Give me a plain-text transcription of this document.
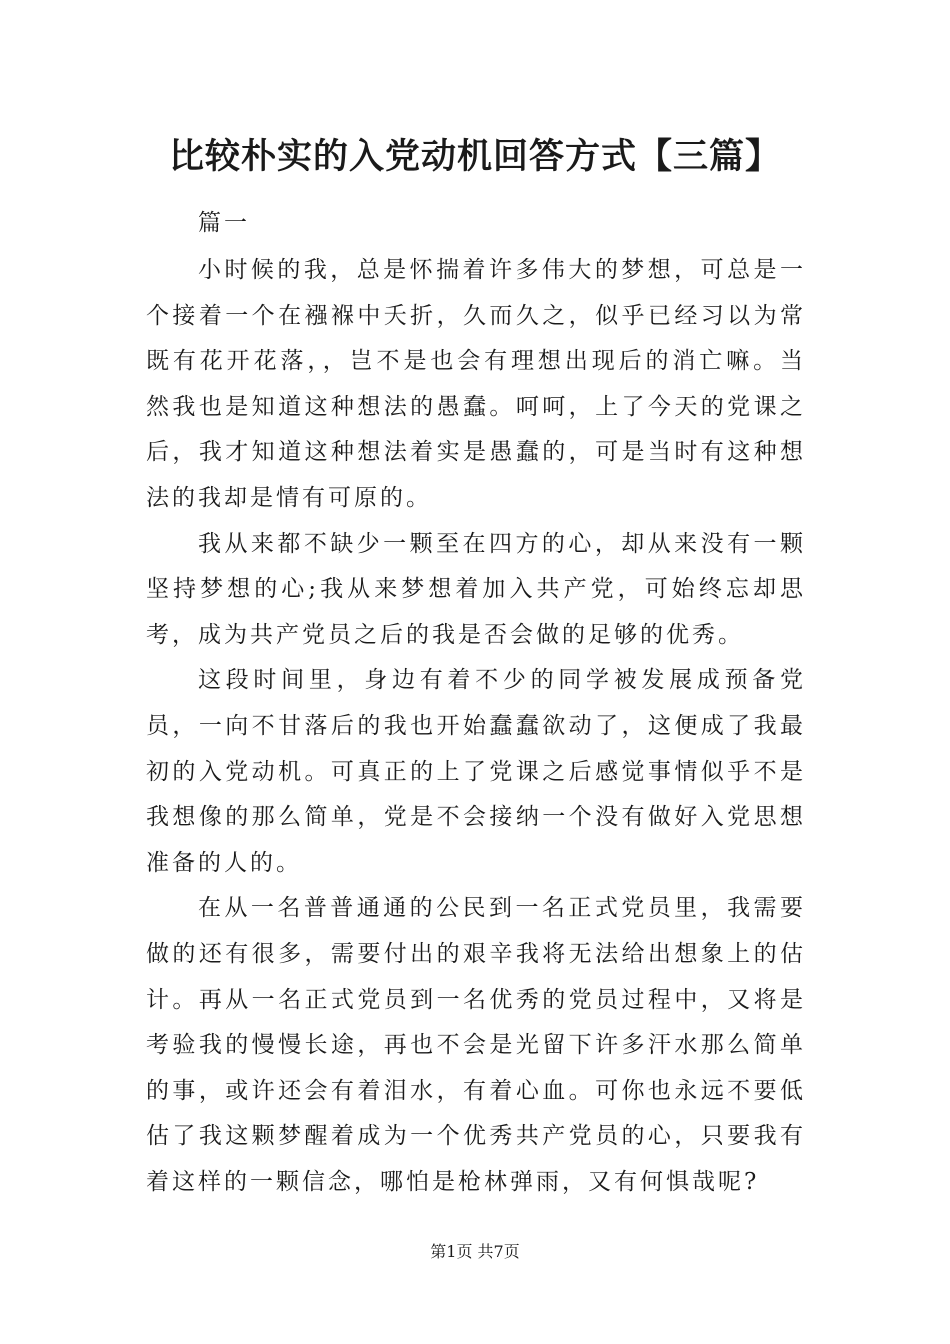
比较朴实的入党动机回答方式【三篇】
篇一

小时候的我，总是怀揣着许多伟大的梦想，可总是一个接着一个在襁褓中夭折，久而久之，似乎已经习以为常既有花开花落，，岂不是也会有理想出现后的消亡嘛。当然我也是知道这种想法的愚蠢。呵呵，上了今天的党课之后，我才知道这种想法着实是愚蠢的，可是当时有这种想法的我却是情有可原的。

我从来都不缺少一颗至在四方的心，却从来没有一颗坚持梦想的心;我从来梦想着加入共产党，可始终忘却思考，成为共产党员之后的我是否会做的足够的优秀。

这段时间里，身边有着不少的同学被发展成预备党员，一向不甘落后的我也开始蠢蠢欲动了，这便成了我最初的入党动机。可真正的上了党课之后感觉事情似乎不是我想像的那么简单，党是不会接纳一个没有做好入党思想准备的人的。

在从一名普普通通的公民到一名正式党员里，我需要做的还有很多，需要付出的艰辛我将无法给出想象上的估计。再从一名正式党员到一名优秀的党员过程中，又将是考验我的慢慢长途，再也不会是光留下许多汗水那么简单的事，或许还会有着泪水，有着心血。可你也永远不要低估了我这颗梦醒着成为一个优秀共产党员的心，只要我有着这样的一颗信念，哪怕是枪林弹雨，又有何惧哉呢?

第1页 共7页
